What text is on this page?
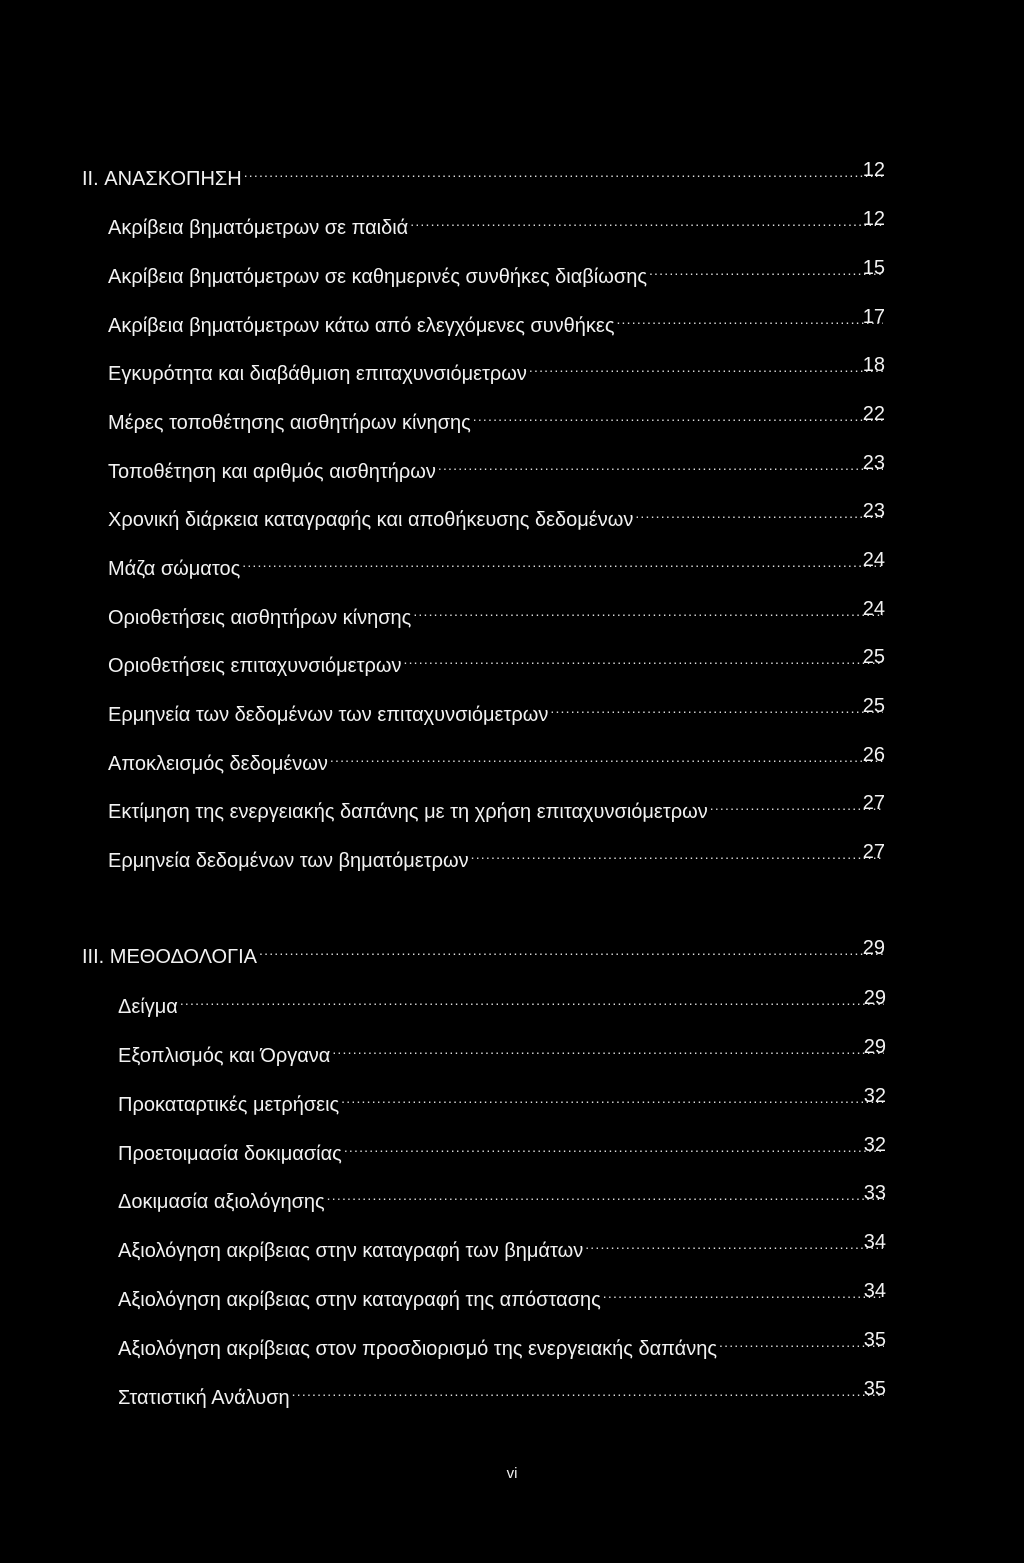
II. ΑΝΑΣΚΟΠΗΣΗ .....	12
Ακρίβεια βηματόμετρων σε παιδιά .....	12
Ακρίβεια βηματόμετρων σε καθημερινές συνθήκες διαβίωσης .....	15
Ακρίβεια βηματόμετρων κάτω από ελεγχόμενες συνθήκες .....	17
Εγκυρότητα και διαβάθμιση επιταχυνσιόμετρων .....	18
Μέρες τοποθέτησης αισθητήρων κίνησης .....	22
Τοποθέτηση και αριθμός αισθητήρων .....	23
Χρονική διάρκεια καταγραφής και αποθήκευσης δεδομένων .....	23
Μάζα σώματος .....	24
Οριοθετήσεις αισθητήρων κίνησης .....	24
Οριοθετήσεις επιταχυνσιόμετρων .....	25
Ερμηνεία των δεδομένων των επιταχυνσιόμετρων .....	25
Αποκλεισμός δεδομένων .....	26
Εκτίμηση της ενεργειακής δαπάνης με τη χρήση επιταχυνσιόμετρων .....	27
Ερμηνεία δεδομένων των βηματόμετρων .....	27
III. ΜΕΘΟΔΟΛΟΓΙΑ .....	29
Δείγμα .....	29
Εξοπλισμός και Όργανα .....	29
Προκαταρτικές μετρήσεις .....	32
Προετοιμασία δοκιμασίας .....	32
Δοκιμασία αξιολόγησης .....	33
Αξιολόγηση ακρίβειας στην καταγραφή των βημάτων .....	34
Αξιολόγηση ακρίβειας στην καταγραφή της απόστασης .....	34
Αξιολόγηση ακρίβειας στον προσδιορισμό της ενεργειακής δαπάνης .....	35
Στατιστική Ανάλυση .....	35
vi
